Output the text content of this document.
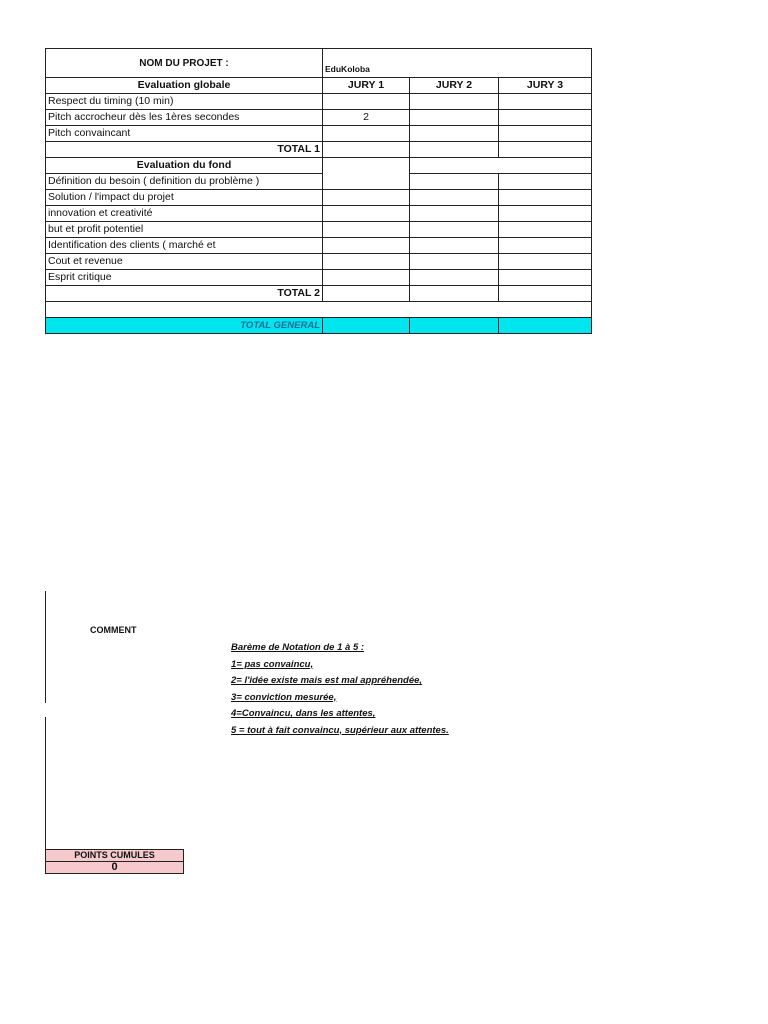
NOM DU PROJET :	EduKoloba		
Evaluation globale	JURY 1	JURY 2	JURY 3
Respect du timing (10 min)			
Pitch accrocheur dès les 1ères secondes	2		
Pitch convaincant			
TOTAL 1			
Evaluation du fond			
Définition du besoin ( definition du problème )			
Solution / l'impact du projet			
innovation et creativité			
but et profit potentiel			
Identification des clients ( marché et			
Cout et revenue			
Esprit critique			
TOTAL 2			

TOTAL GENERAL			
COMMENT
Barème de Notation de 1 à 5 :
1= pas convaincu,
2= l'idée existe mais est mal appréhendée,
3= conviction mesurée,
4=Convaincu, dans les attentes,
5 = tout à fait convaincu, supérieur aux attentes.
POINTS CUMULES
0
